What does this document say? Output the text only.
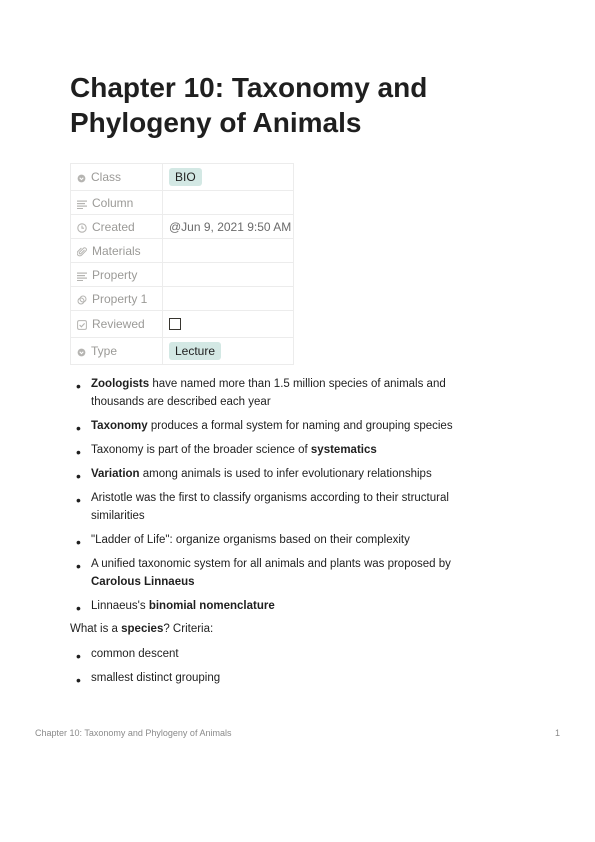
Chapter 10: Taxonomy and Phylogeny of Animals
Class	BIO
Column	
Created	@Jun 9, 2021 9:50 AM
Materials	
Property	
Property 1	
Reviewed	
Type	Lecture
• Zoologists have named more than 1.5 million species of animals and thousands are described each year
• Taxonomy produces a formal system for naming and grouping species
• Taxonomy is part of the broader science of systematics
• Variation among animals is used to infer evolutionary relationships
• Aristotle was the first to classify organisms according to their structural similarities
• "Ladder of Life": organize organisms based on their complexity
• A unified taxonomic system for all animals and plants was proposed by Carolous Linnaeus
• Linnaeus's binomial nomenclature

What is a species? Criteria:

• common descent
• smallest distinct grouping
Chapter 10: Taxonomy and Phylogeny of Animals	1
